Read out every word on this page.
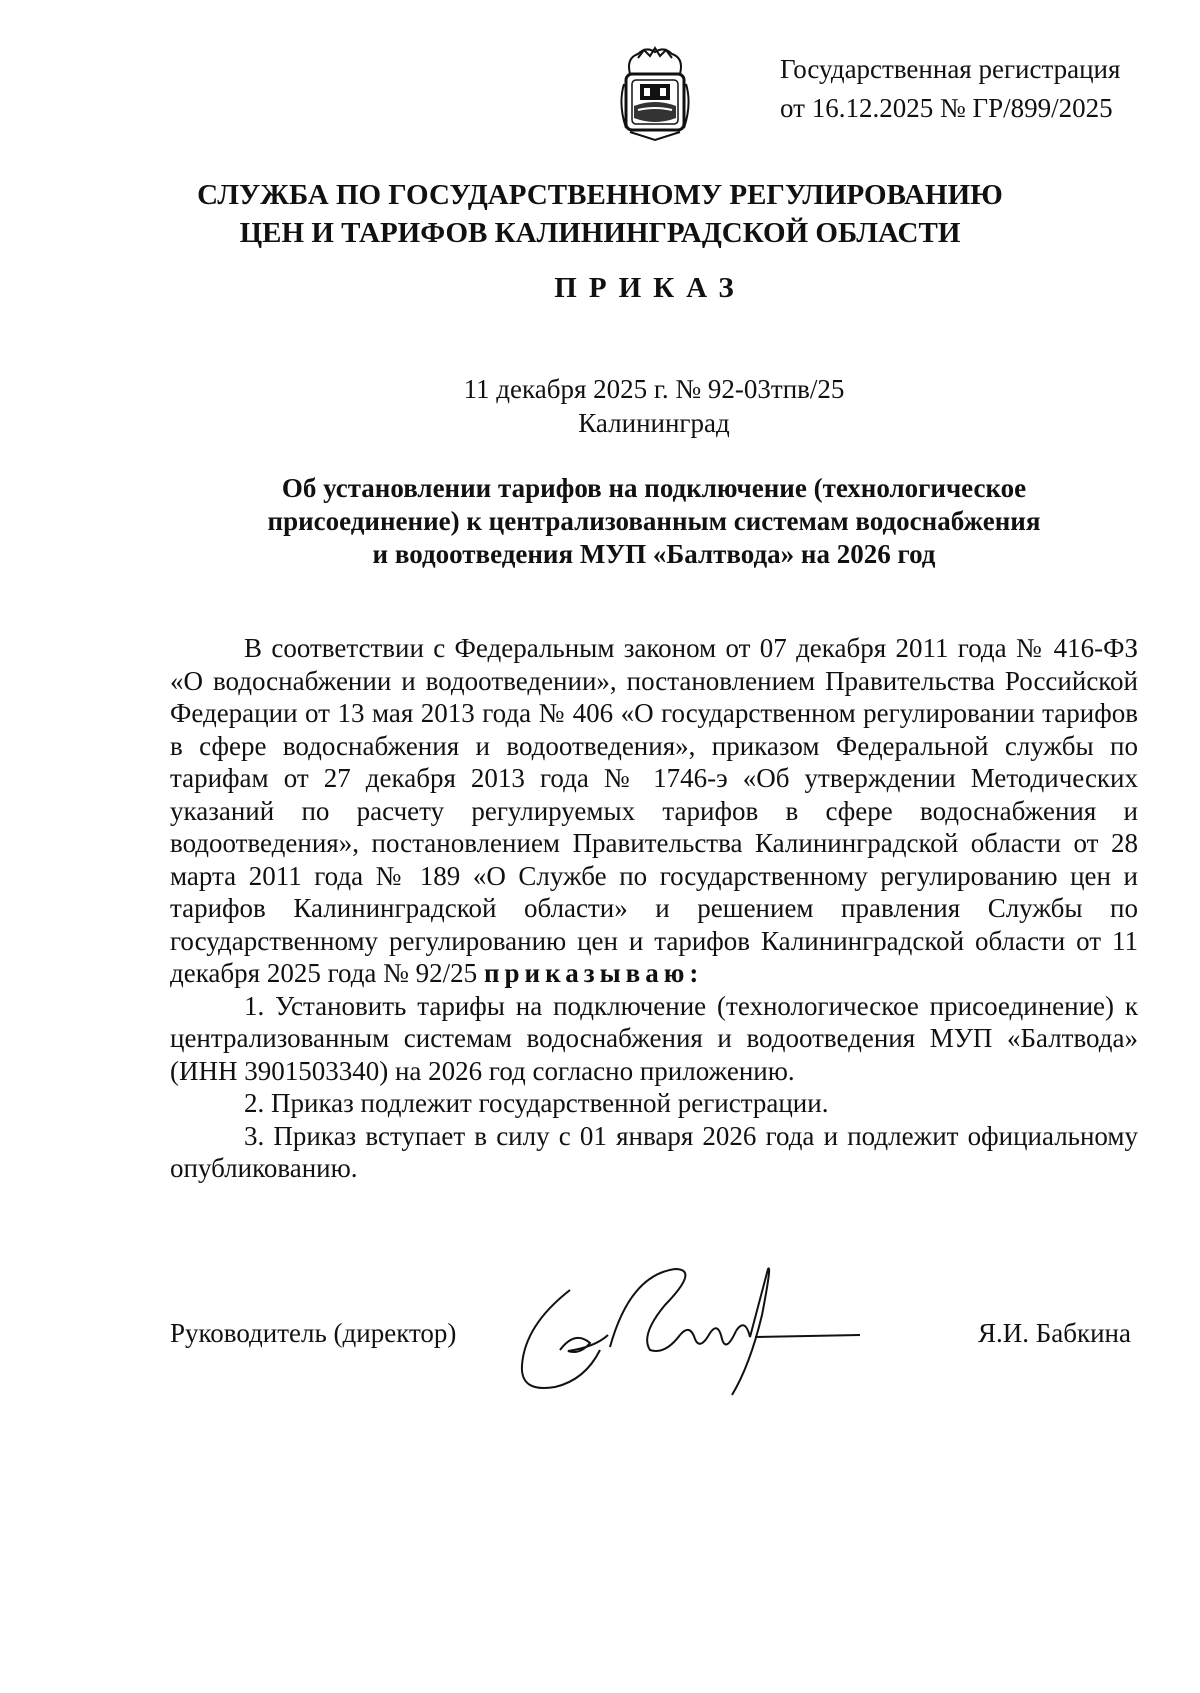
Государственная регистрация
от 16.12.2025 № ГР/899/2025
СЛУЖБА ПО ГОСУДАРСТВЕННОМУ РЕГУЛИРОВАНИЮ
ЦЕН И ТАРИФОВ КАЛИНИНГРАДСКОЙ ОБЛАСТИ
ПРИКАЗ
11 декабря 2025 г. № 92-03тпв/25
Калининград
Об установлении тарифов на подключение (технологическое
присоединение) к централизованным системам водоснабжения
и водоотведения МУП «Балтвода» на 2026 год

В соответствии с Федеральным законом от 07 декабря 2011 года № 416-ФЗ «О водоснабжении и водоотведении», постановлением Правительства Российской Федерации от 13 мая 2013 года № 406 «О государственном регулировании тарифов в сфере водоснабжения и водоотведения», приказом Федеральной службы по тарифам от 27 декабря 2013 года № 1746-э «Об утверждении Методических указаний по расчету регулируемых тарифов в сфере водоснабжения и водоотведения», постановлением Правительства Калининградской области от 28 марта 2011 года № 189 «О Службе по государственному регулированию цен и тарифов Калининградской области» и решением правления Службы по государственному регулированию цен и тарифов Калининградской области от 11 декабря 2025 года № 92/25 приказываю:

1. Установить тарифы на подключение (технологическое присоединение) к централизованным системам водоснабжения и водоотведения МУП «Балтвода» (ИНН 3901503340) на 2026 год согласно приложению.

2. Приказ подлежит государственной регистрации.

3. Приказ вступает в силу с 01 января 2026 года и подлежит официальному опубликованию.

Руководитель (директор)	Я.И. Бабкина
